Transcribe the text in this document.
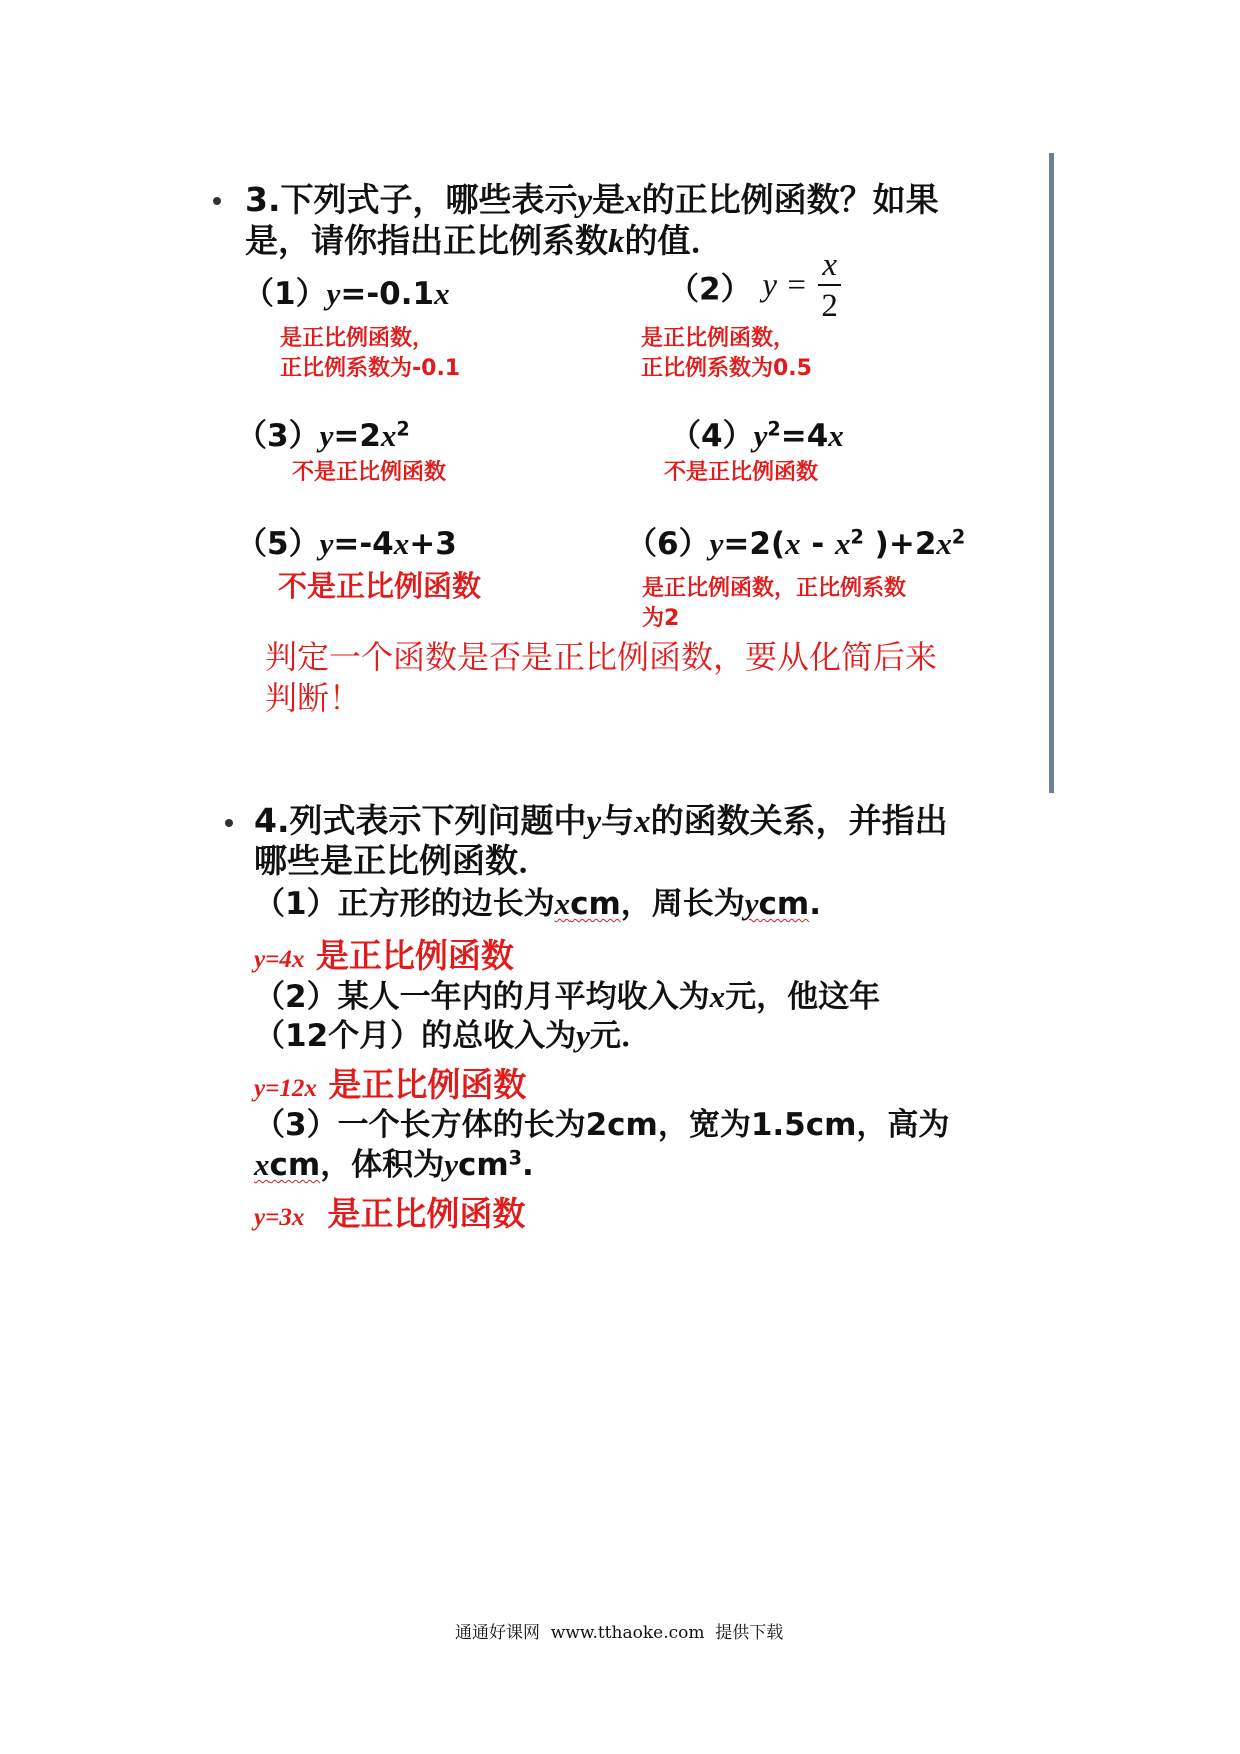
3.下列式子，哪些表示y是x的正比例函数？如果
是，请你指出正比例系数k的值．
（1）y=-0.1x
是正比例函数，
正比例系数为-0.1
（2） $y = \frac{x}{2}$
是正比例函数，
正比例系数为0.5
$(3)y=2x^2$
不是正比例函数
$(4)y^2=4x$
不是正比例函数
（5）y=-4x+3
不是正比例函数
$(6)y=2(x - x^2$ )$+2x^2$
是正比例函数，正比例系数
为2
判定一个函数是否是正比例函数，要从化简后来
判断！
4.列式表示下列问题中y与x的函数关系，并指出
哪些是正比例函数．
（1）正方形的边长为xcm，周长为ycm.
y=4x 是正比例函数
（2）某人一年内的月平均收入为x元，他这年
（12个月）的总收入为y元．
y=12x 是正比例函数
（3）一个长方体的长为2cm，宽为1.5cm，高为
xcm，体积为ycm$^3$.
y=3x 是正比例函数
通通好课网  www.tthaoke.com  提供下载
